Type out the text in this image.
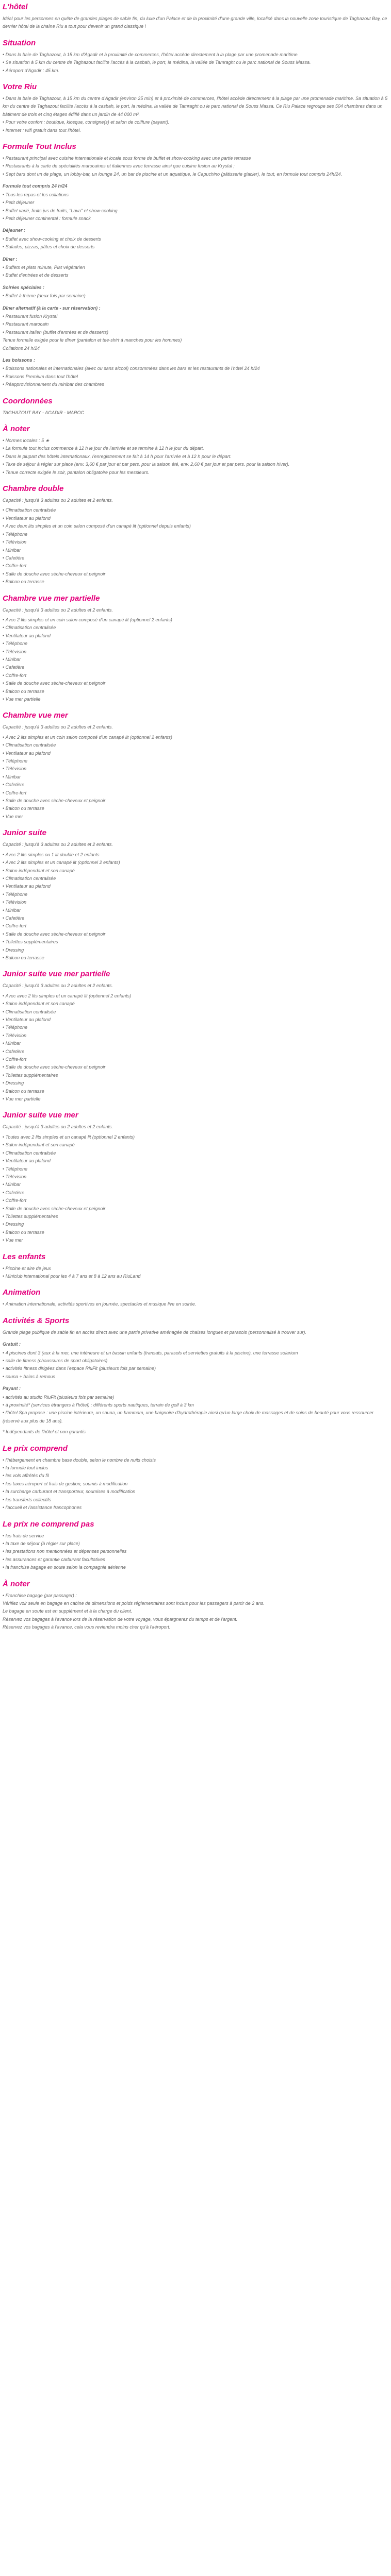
L'hôtel
Idéal pour les personnes en quête de grandes plages de sable fin, du luxe d'un Palace et de la proximité d'une grande ville, localisé dans la nouvelle zone touristique de Taghazout Bay, ce dernier hôtel de la chaîne Riu a tout pour devenir un grand classique !
Situation
• Dans la baie de Taghazout, à 15 km d'Agadir et à proximité de commerces, l'hôtel accède directement à la plage par une promenade maritime.
• Se situation à 5 km du centre de Taghazout facilite l'accès à la casbah, le port, la médina, la vallée de Tamraght ou le parc national de Souss Massa.
• Aéroport d'Agadir : 45 km.
Votre Riu
• Dans la baie de Taghazout, à 15 km du centre d'Agadir (environ 25 min) et à proximité de commerces, l'hôtel accède directement à la plage par une promenade maritime. Sa situation à 5 km du centre de Taghazout facilite l'accès à la casbah, le port, la médina, la vallée de Tamraght ou le parc national de Souss Massa. Ce Riu Palace regroupe ses 504 chambres dans un bâtiment de trois et cinq étages édifié dans un jardin de 44 000 m².
• Pour votre confort : boutique, kiosque, consigne(s) et salon de coiffure (payant).
• Internet : wifi gratuit dans tout l'hôtel.
Formule Tout Inclus
• Restaurant principal avec cuisine internationale et locale sous forme de buffet et show-cooking avec une partie terrasse
• Restaurants à la carte de spécialités marocaines et italiennes avec terrasse ainsi que cuisine fusion au Krystal ;
• Sept bars dont un de plage, un lobby-bar, un lounge 24, un bar de piscine et un aquatique, le Capuchino (pâtisserie glacier), le tout, en formule tout compris 24h/24.
Formule tout compris 24 h/24
• Tous les repas et les collations
• Petit déjeuner
• Buffet varié, fruits jus de fruits, "Lava" et show-cooking
• Petit déjeuner continental : formule snack
Déjeuner :
• Buffet avec show-cooking et choix de desserts
• Salades, pizzas, pâtes et choix de desserts
Dîner :
• Buffets et plats minute, Plat végétarien
• Buffet d'entrées et de desserts
Soirées spéciales :
• Buffet à thème (deux fois par semaine)
Dîner alternatif (à la carte - sur réservation) :
• Restaurant fusion Krystal
• Restaurant marocain
• Restaurant italien (buffet d'entrées et de desserts)
Tenue formelle exigée pour le dîner (pantalon et tee-shirt à manches pour les hommes)
Collations 24 h/24
Les boissons :
• Boissons nationales et internationales (avec ou sans alcool) consommées dans les bars et les restaurants de l'hôtel 24 h/24
• Boissons Premium dans tout l'hôtel
• Réapprovisionnement du minibar des chambres
Coordonnées
TAGHAZOUT BAY - AGADIR - MAROC
À noter
• Normes locales : 5 ★
• La formule tout inclus commence à 12 h le jour de l'arrivée et se termine à 12 h le jour du départ.
• Dans le plupart des hôtels internationaux, l'enregistrement se fait à 14 h pour l'arrivée et à 12 h pour le départ.
• Taxe de séjour à régler sur place (env. 3,60 € par jour et par pers. pour la saison été, env. 2,60 € par jour et par pers. pour la saison hiver).
• Tenue correcte exigée le soir, pantalon obligatoire pour les messieurs.
Chambre double
Capacité : jusqu'à 3 adultes ou 2 adultes et 2 enfants.
• Climatisation centralisée
• Ventilateur au plafond
• Avec deux lits simples et un coin salon composé d'un canapé lit (optionnel depuis enfants)
• Téléphone
• Télévision
• Minibar
• Cafetière
• Coffre-fort
• Salle de douche avec sèche-cheveux et peignoir
• Balcon ou terrasse
Chambre vue mer partielle
Capacité : jusqu'à 3 adultes ou 2 adultes et 2 enfants.
• Avec 2 lits simples et un coin salon composé d'un canapé lit (optionnel 2 enfants)
• Climatisation centralisée
• Ventilateur au plafond
• Téléphone
• Télévision
• Minibar
• Cafetière
• Coffre-fort
• Salle de douche avec sèche-cheveux et peignoir
• Balcon ou terrasse
• Vue mer partielle
Chambre vue mer
Capacité : jusqu'à 3 adultes ou 2 adultes et 2 enfants.
• Avec 2 lits simples et un coin salon composé d'un canapé lit (optionnel 2 enfants)
• Climatisation centralisée
• Ventilateur au plafond
• Téléphone
• Télévision
• Minibar
• Cafetière
• Coffre-fort
• Salle de douche avec sèche-cheveux et peignoir
• Balcon ou terrasse
• Vue mer
Junior suite
Capacité : jusqu'à 3 adultes ou 2 adultes et 2 enfants.
• Avec 2 lits simples ou 1 lit double et 2 enfants
• Avec 2 lits simples et un canapé lit (optionnel 2 enfants)
• Salon indépendant et son canapé
• Climatisation centralisée
• Ventilateur au plafond
• Téléphone
• Télévision
• Minibar
• Cafetière
• Coffre-fort
• Salle de douche avec sèche-cheveux et peignoir
• Toilettes supplémentaires
• Dressing
• Balcon ou terrasse
Junior suite vue mer partielle
Capacité : jusqu'à 3 adultes ou 2 adultes et 2 enfants.
• Avec avec 2 lits simples et un canapé lit (optionnel 2 enfants)
• Salon indépendant et son canapé
• Climatisation centralisée
• Ventilateur au plafond
• Téléphone
• Télévision
• Minibar
• Cafetière
• Coffre-fort
• Salle de douche avec sèche-cheveux et peignoir
• Toilettes supplémentaires
• Dressing
• Balcon ou terrasse
• Vue mer partielle
Junior suite vue mer
Capacité : jusqu'à 3 adultes ou 2 adultes et 2 enfants.
• Toutes avec 2 lits simples et un canapé lit (optionnel 2 enfants)
• Salon indépendant et son canapé
• Climatisation centralisée
• Ventilateur au plafond
• Téléphone
• Télévision
• Minibar
• Cafetière
• Coffre-fort
• Salle de douche avec sèche-cheveux et peignoir
• Toilettes supplémentaires
• Dressing
• Balcon ou terrasse
• Vue mer
Les enfants
• Piscine et aire de jeux
• Miniclub international pour les 4 à 7 ans et 8 à 12 ans au RiuLand
Animation
• Animation internationale, activités sportives en journée, spectacles et musique live en soirée.
Activités & Sports
Grande plage publique de sable fin en accès direct avec une partie privative aménagée de chaises longues et parasols (personnalisé à trouver sur).
Gratuit :
• 4 piscines dont 3 (aux à la mer, une intérieure et un bassin enfants (transats, parasols et serviettes gratuits à la piscine), une terrasse solarium
• salle de fitness (chaussures de sport obligatoires)
• activités fitness dirigées dans l'espace RiuFit (plusieurs fois par semaine)
• sauna + bains à remous
Payant :
• activités au studio RiuFit (plusieurs fois par semaine)
• à proximité* (services étrangers à l'hôtel) : différents sports nautiques, terrain de golf à 3 km
• l'hôtel Spa propose : une piscine intérieure, un sauna, un hammam, une baignoire d'hydrothérapie ainsi qu'un large choix de massages et de soins de beauté pour vous ressourcer (réservé aux plus de 18 ans).
* Indépendants de l'hôtel et non garantis
Le prix comprend
• l'hébergement en chambre base double, selon le nombre de nuits choisis
• la formule tout inclus
• les vols affrétés du fil
• les taxes aéroport et frais de gestion, soumis à modification
• la surcharge carburant et transporteur, soumises à modification
• les transferts collectifs
• l'accueil et l'assistance francophones
Le prix ne comprend pas
• les frais de service
• la taxe de séjour (à régler sur place)
• les prestations non mentionnées et dépenses personnelles
• les assurances et garantie carburant facultatives
• la franchise bagage en soute selon la compagnie aérienne
À noter
• Franchise bagage (par passager) :
Vérifiez voir seule en bagage en cabine de dimensions et poids réglementaires sont inclus pour les passagers à partir de 2 ans.
Le bagage en soute est en supplément et à la charge du client.
Réservez vos bagages à l'avance lors de la réservation de votre voyage, vous épargnerez du temps et de l'argent.
Réservez vos bagages à l'avance, cela vous reviendra moins cher qu'à l'aéroport.
